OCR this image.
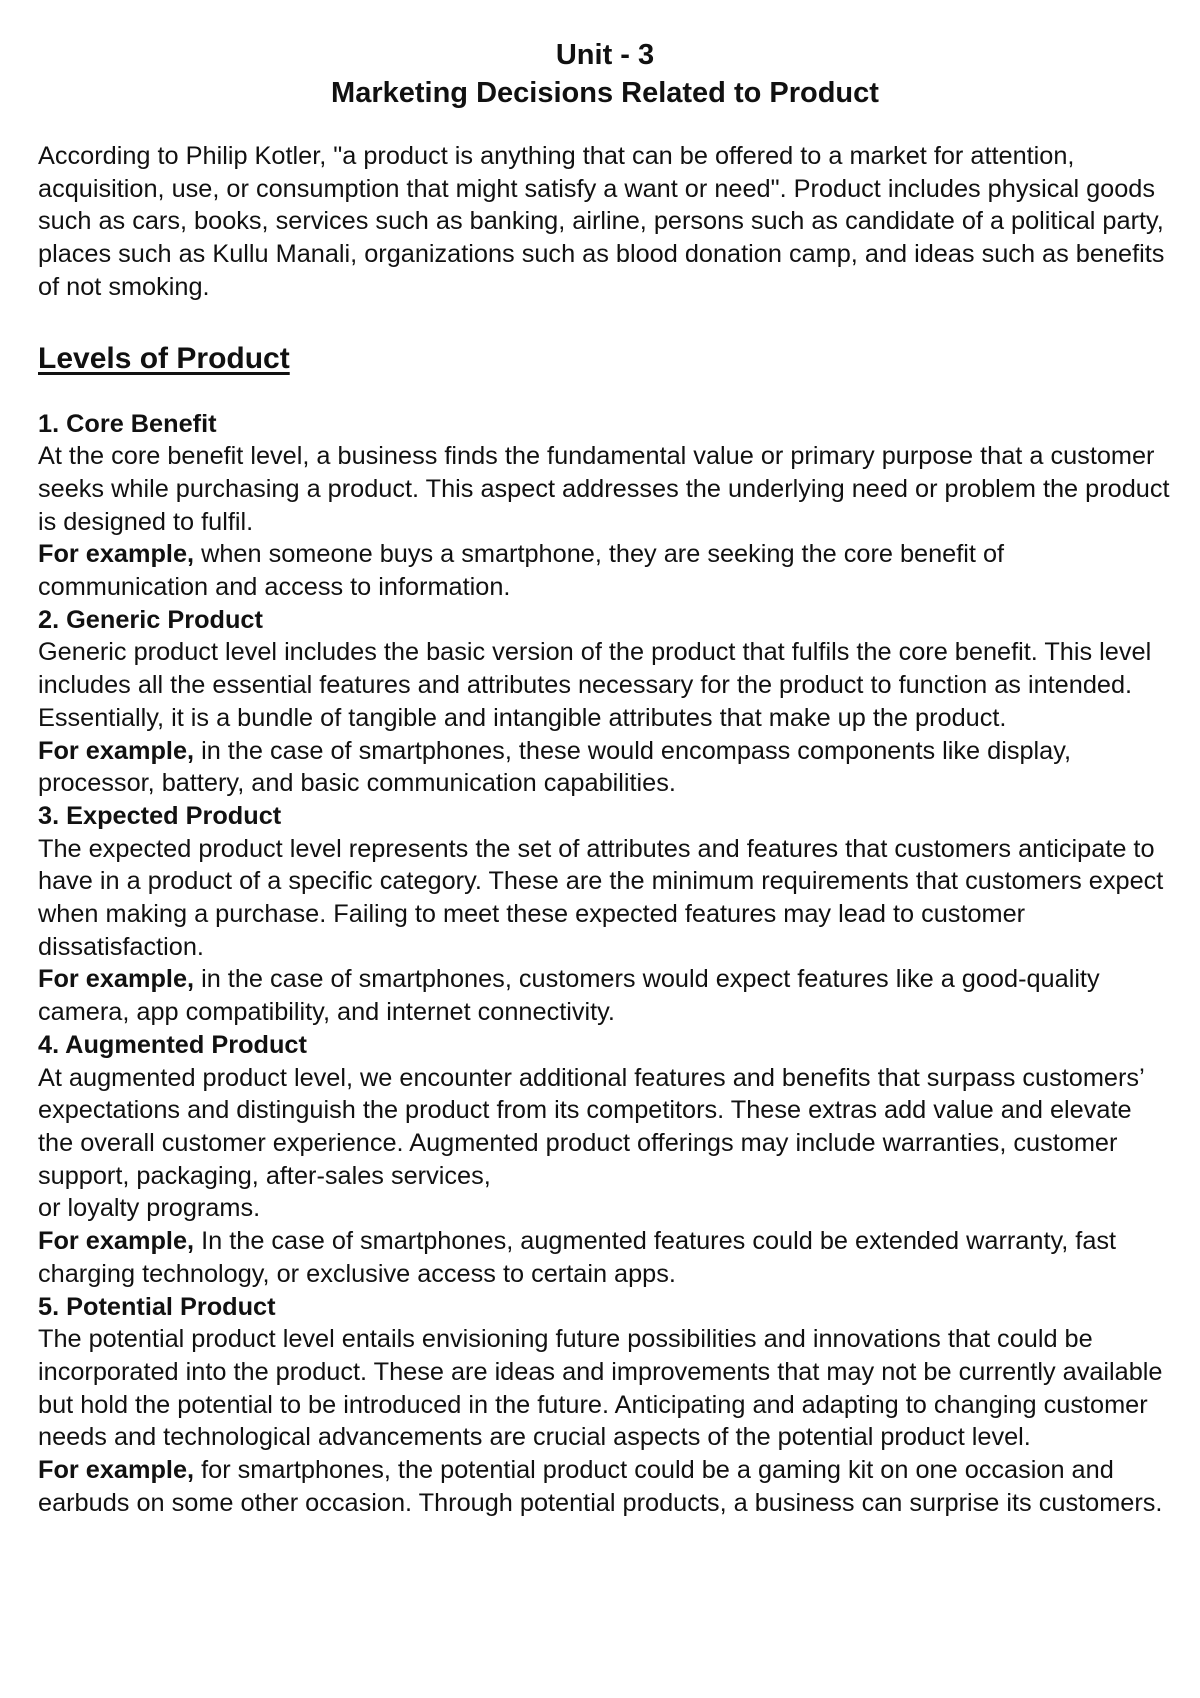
Unit - 3
Marketing Decisions Related to Product

According to Philip Kotler, "a product is anything that can be offered to a market for attention, acquisition, use, or consumption that might satisfy a want or need". Product includes physical goods such as cars, books, services such as banking, airline, persons such as candidate of a political party, places such as Kullu Manali, organizations such as blood donation camp, and ideas such as benefits of not smoking.

Levels of Product
1. Core Benefit

At the core benefit level, a business finds the fundamental value or primary purpose that a customer seeks while purchasing a product. This aspect addresses the underlying need or problem the product is designed to fulfil.

For example, when someone buys a smartphone, they are seeking the core benefit of communication and access to information.

2. Generic Product

Generic product level includes the basic version of the product that fulfils the core benefit. This level includes all the essential features and attributes necessary for the product to function as intended. Essentially, it is a bundle of tangible and intangible attributes that make up the product.

For example, in the case of smartphones, these would encompass components like display, processor, battery, and basic communication capabilities.

3. Expected Product

The expected product level represents the set of attributes and features that customers anticipate to have in a product of a specific category. These are the minimum requirements that customers expect when making a purchase. Failing to meet these expected features may lead to customer dissatisfaction.

For example, in the case of smartphones, customers would expect features like a good-quality camera, app compatibility, and internet connectivity.

4. Augmented Product

At augmented product level, we encounter additional features and benefits that surpass customers’ expectations and distinguish the product from its competitors. These extras add value and elevate the overall customer experience. Augmented product offerings may include warranties, customer support, packaging, after-sales services,

or loyalty programs.

For example, In the case of smartphones, augmented features could be extended warranty, fast charging technology, or exclusive access to certain apps.

5. Potential Product

The potential product level entails envisioning future possibilities and innovations that could be incorporated into the product. These are ideas and improvements that may not be currently available but hold the potential to be introduced in the future. Anticipating and adapting to changing customer needs and technological advancements are crucial aspects of the potential product level.

For example, for smartphones, the potential product could be a gaming kit on one occasion and earbuds on some other occasion. Through potential products, a business can surprise its customers.
